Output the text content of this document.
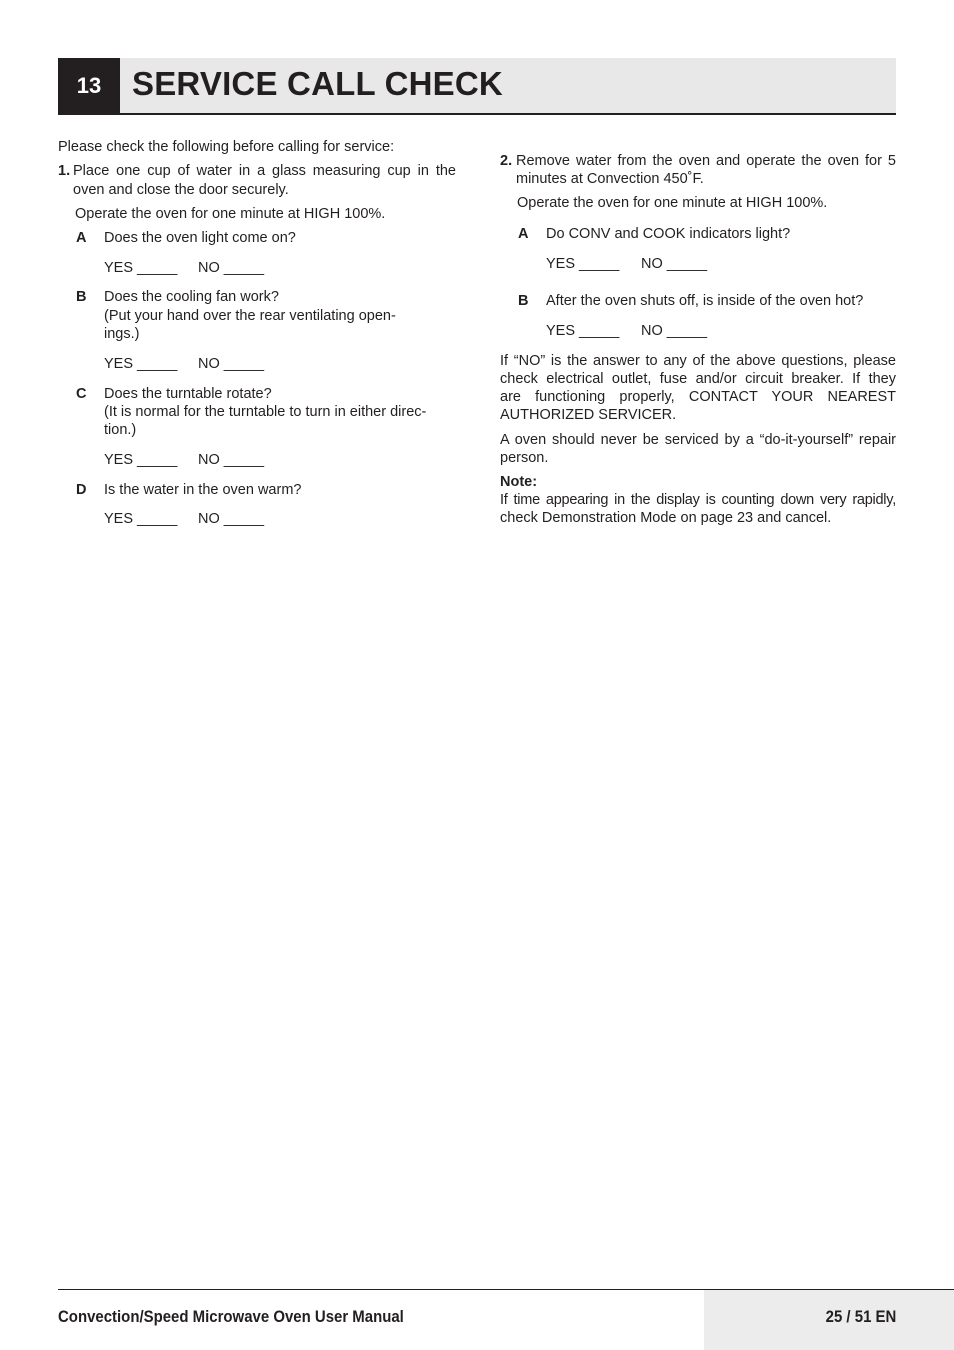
13 SERVICE CALL CHECK
Please check the following before calling for service:
1. Place one cup of water in a glass measuring cup in the
oven and close the door securely.
Operate the oven for one minute at HIGH 100%.
A Does the oven light come on?
YES _____ NO _____
B Does the cooling fan work?
(Put your hand over the rear ventilating open-
ings.)
YES _____ NO _____
C Does the turntable rotate?
(It is normal for the turntable to turn in either direc-
tion.)
YES _____ NO _____
D Is the water in the oven warm?
YES _____ NO _____
2. Remove water from the oven and operate the oven for 5
minutes at Convection 450˚F.
Operate the oven for one minute at HIGH 100%.
A Do CONV and COOK indicators light?
YES _____ NO _____
B After the oven shuts off, is inside of the oven hot?
YES _____ NO _____
If “NO” is the answer to any of the above questions, please
check electrical outlet, fuse and/or circuit breaker. If they
are functioning properly, CONTACT YOUR NEAREST
AUTHORIZED SERVICER.
A oven should never be serviced by a “do-it-yourself” repair
person.
Note:
If time appearing in the display is counting down very rapidly,
check Demonstration Mode on page 23 and cancel.
Convection/Speed Microwave Oven User Manual	25 / 51 EN
